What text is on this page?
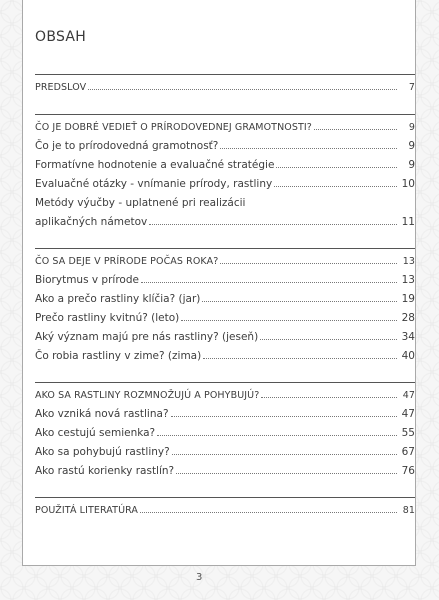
OBSAH
PREDSLOV	7
ČO JE DOBRÉ VEDIEŤ O PRÍRODOVEDNEJ GRAMOTNOSTI?	9
Čo je to prírodovedná gramotnosť?	9
Formatívne hodnotenie a evaluačné stratégie	9
Evaluačné otázky - vnímanie prírody, rastliny	10
Metódy výučby - uplatnené pri realizácii
aplikačných námetov	11
ČO SA DEJE V PRÍRODE POČAS ROKA?	13
Biorytmus v prírode	13
Ako a prečo rastliny klíčia? (jar)	19
Prečo rastliny kvitnú? (leto)	28
Aký význam majú pre nás rastliny? (jeseň)	34
Čo robia rastliny v zime? (zima)	40
AKO SA RASTLINY ROZMNOŽUJÚ A POHYBUJÚ?	47
Ako vzniká nová rastlina?	47
Ako cestujú semienka?	55
Ako sa pohybujú rastliny?	67
Ako rastú korienky rastlín?	76
POUŽITÁ LITERATÚRA	81
3
